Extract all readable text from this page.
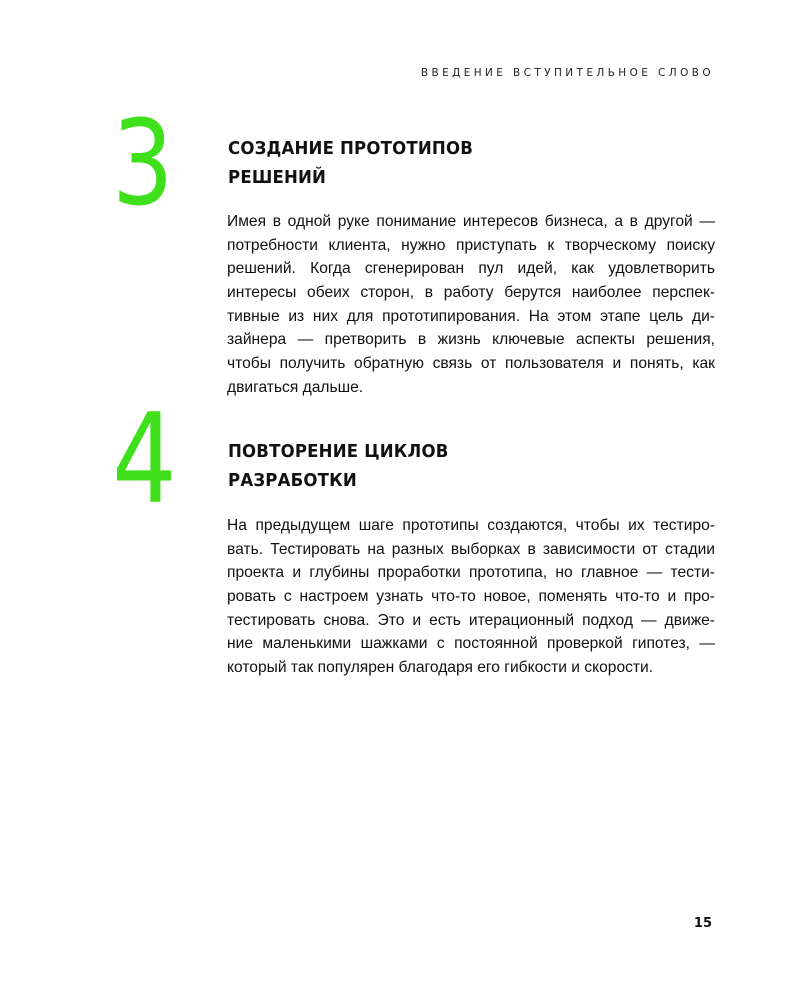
ВВЕДЕНИЕ ВСТУПИТЕЛЬНОЕ СЛОВО
3	СОЗДАНИЕ ПРОТОТИПОВ
РЕШЕНИЙ

Имея в одной руке понимание интересов бизнеса, а в другой —
потребности клиента, нужно приступать к творческому поиску
решений. Когда сгенерирован пул идей, как удовлетворить
интересы обеих сторон, в работу берутся наиболее перспек-
тивные из них для прототипирования. На этом этапе цель ди-
зайнера — претворить в жизнь ключевые аспекты решения,
чтобы получить обратную связь от пользователя и понять, как
двигаться дальше.

4	ПОВТОРЕНИЕ ЦИКЛОВ
РАЗРАБОТКИ

На предыдущем шаге прототипы создаются, чтобы их тестиро-
вать. Тестировать на разных выборках в зависимости от стадии
проекта и глубины проработки прототипа, но главное — тести-
ровать с настроем узнать что-то новое, поменять что-то и про-
тестировать снова. Это и есть итерационный подход — движе-
ние маленькими шажками с постоянной проверкой гипотез, —
который так популярен благодаря его гибкости и скорости.

15
